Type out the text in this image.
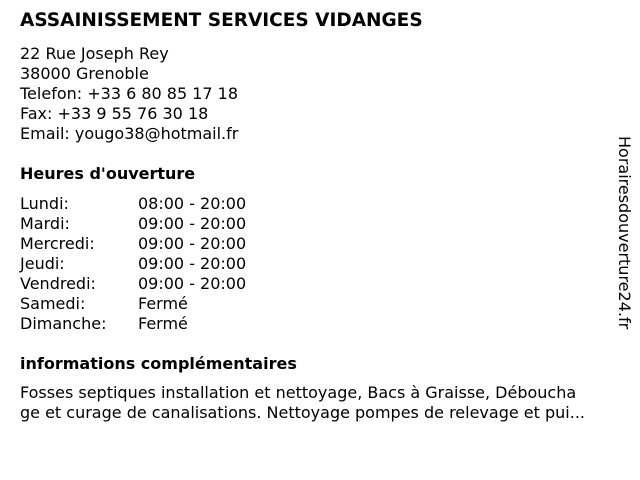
ASSAINISSEMENT SERVICES VIDANGES
22 Rue Joseph Rey
38000 Grenoble
Telefon: +33 6 80 85 17 18
Fax: +33 9 55 76 30 18
Email: yougo38@hotmail.fr
Heures d'ouverture
Lundi:	08:00 - 20:00
Mardi:	09:00 - 20:00
Mercredi:	09:00 - 20:00
Jeudi:	09:00 - 20:00
Vendredi:	09:00 - 20:00
Samedi:	Fermé
Dimanche: Fermé
informations complémentaires
Fosses septiques installation et nettoyage, Bacs à Graisse, Déboucha
ge et curage de canalisations. Nettoyage pompes de relevage et pui...
Horairesdouverture24.fr
